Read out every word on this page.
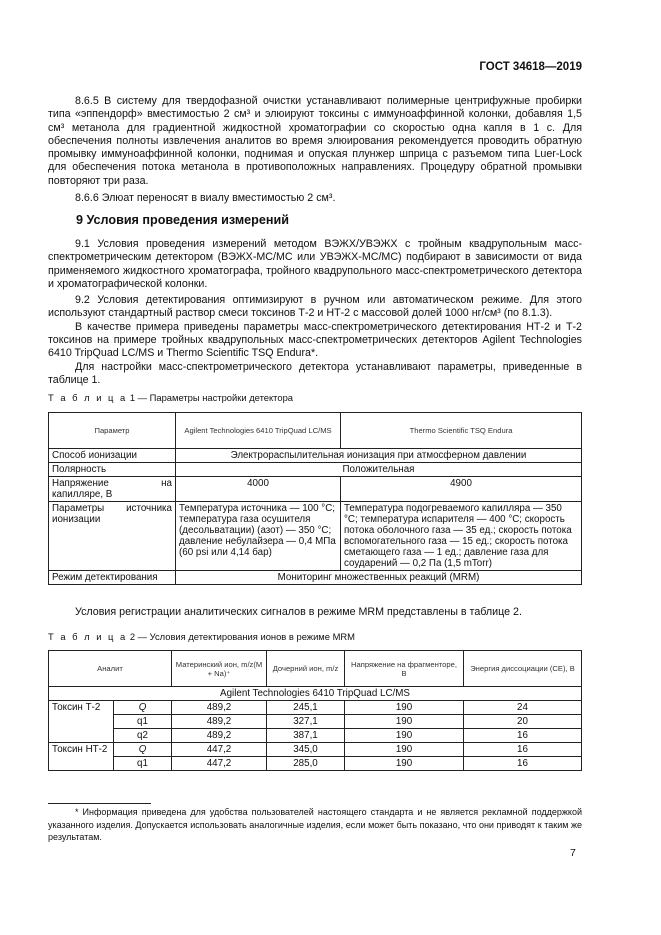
ГОСТ 34618—2019

8.6.5 В систему для твердофазной очистки устанавливают полимерные центрифужные пробирки типа «эппендорф» вместимостью 2 см³ и элюируют токсины с иммуноаффинной колонки, добавляя 1,5 см³ метанола для градиентной жидкостной хроматографии со скоростью одна капля в 1 с. Для обеспечения полноты извлечения аналитов во время элюирования рекомендуется проводить обратную промывку иммуноаффинной колонки, поднимая и опуская плунжер шприца с разъемом типа Luer-Lock для обеспечения потока метанола в противоположных направлениях. Процедуру обратной промывки повторяют три раза.

8.6.6 Элюат переносят в виалу вместимостью 2 см³.

9 Условия проведения измерений

9.1 Условия проведения измерений методом ВЭЖХ/УВЭЖХ с тройным квадрупольным масс-спектрометрическим детектором (ВЭЖХ-МС/МС или УВЭЖХ-МС/МС) подбирают в зависимости от вида применяемого жидкостного хроматографа, тройного квадрупольного масс-спектрометрического детектора и хроматографической колонки.

9.2 Условия детектирования оптимизируют в ручном или автоматическом режиме. Для этого используют стандартный раствор смеси токсинов Т-2 и НТ-2 с массовой долей 1000 нг/см³ (по 8.1.3).

В качестве примера приведены параметры масс-спектрометрического детектирования НТ-2 и Т-2 токсинов на примере тройных квадрупольных масс-спектрометрических детекторов Agilent Technologies 6410 TripQuad LC/MS и Thermo Scientific TSQ Endura*.

Для настройки масс-спектрометрического детектора устанавливают параметры, приведенные в таблице 1.

Т а б л и ц а 1 — Параметры настройки детектора
Параметр	Agilent Technologies 6410 TripQuad LC/MS	Thermo Scientific TSQ Endura
Способ ионизации	Электрораспылительная ионизация при атмосферном давлении	
Полярность	Положительная	
Напряжение на капилляре, В	4000	4900
Параметры источника ионизации	Температура источника — 100 °С; температура газа осушителя (десольватации) (азот) — 350 °С; давление небулайзера — 0,4 МПа (60 psi или 4,14 бар)	Температура подогреваемого капилляра — 350 °С; температура испарителя — 400 °С; скорость потока оболочного газа — 35 ед.; скорость потока вспомогательного газа — 15 ед.; скорость потока сметающего газа — 1 ед.; давление газа для соударений — 0,2 Па (1,5 mTorr)
Режим детектирования	Мониторинг множественных реакций (MRM)	

Условия регистрации аналитических сигналов в режиме MRM представлены в таблице 2.

Т а б л и ц а 2 — Условия детектирования ионов в режиме MRM
Аналит		Материнский ион, m/z(M + Na)⁺	Дочерний ион, m/z	Напряжение на фрагменторе, В	Энергия диссоциации (CE), В
Agilent Technologies 6410 TripQuad LC/MS					
Токсин Т-2	Q	489,2	245,1	190	24
	q1	489,2	327,1	190	20
	q2	489,2	387,1	190	16
Токсин НТ-2	Q	447,2	345,0	190	16
	q1	447,2	285,0	190	16
* Информация приведена для удобства пользователей настоящего стандарта и не является рекламной поддержкой указанного изделия. Допускается использовать аналогичные изделия, если может быть показано, что они приводят к таким же результатам.
7
